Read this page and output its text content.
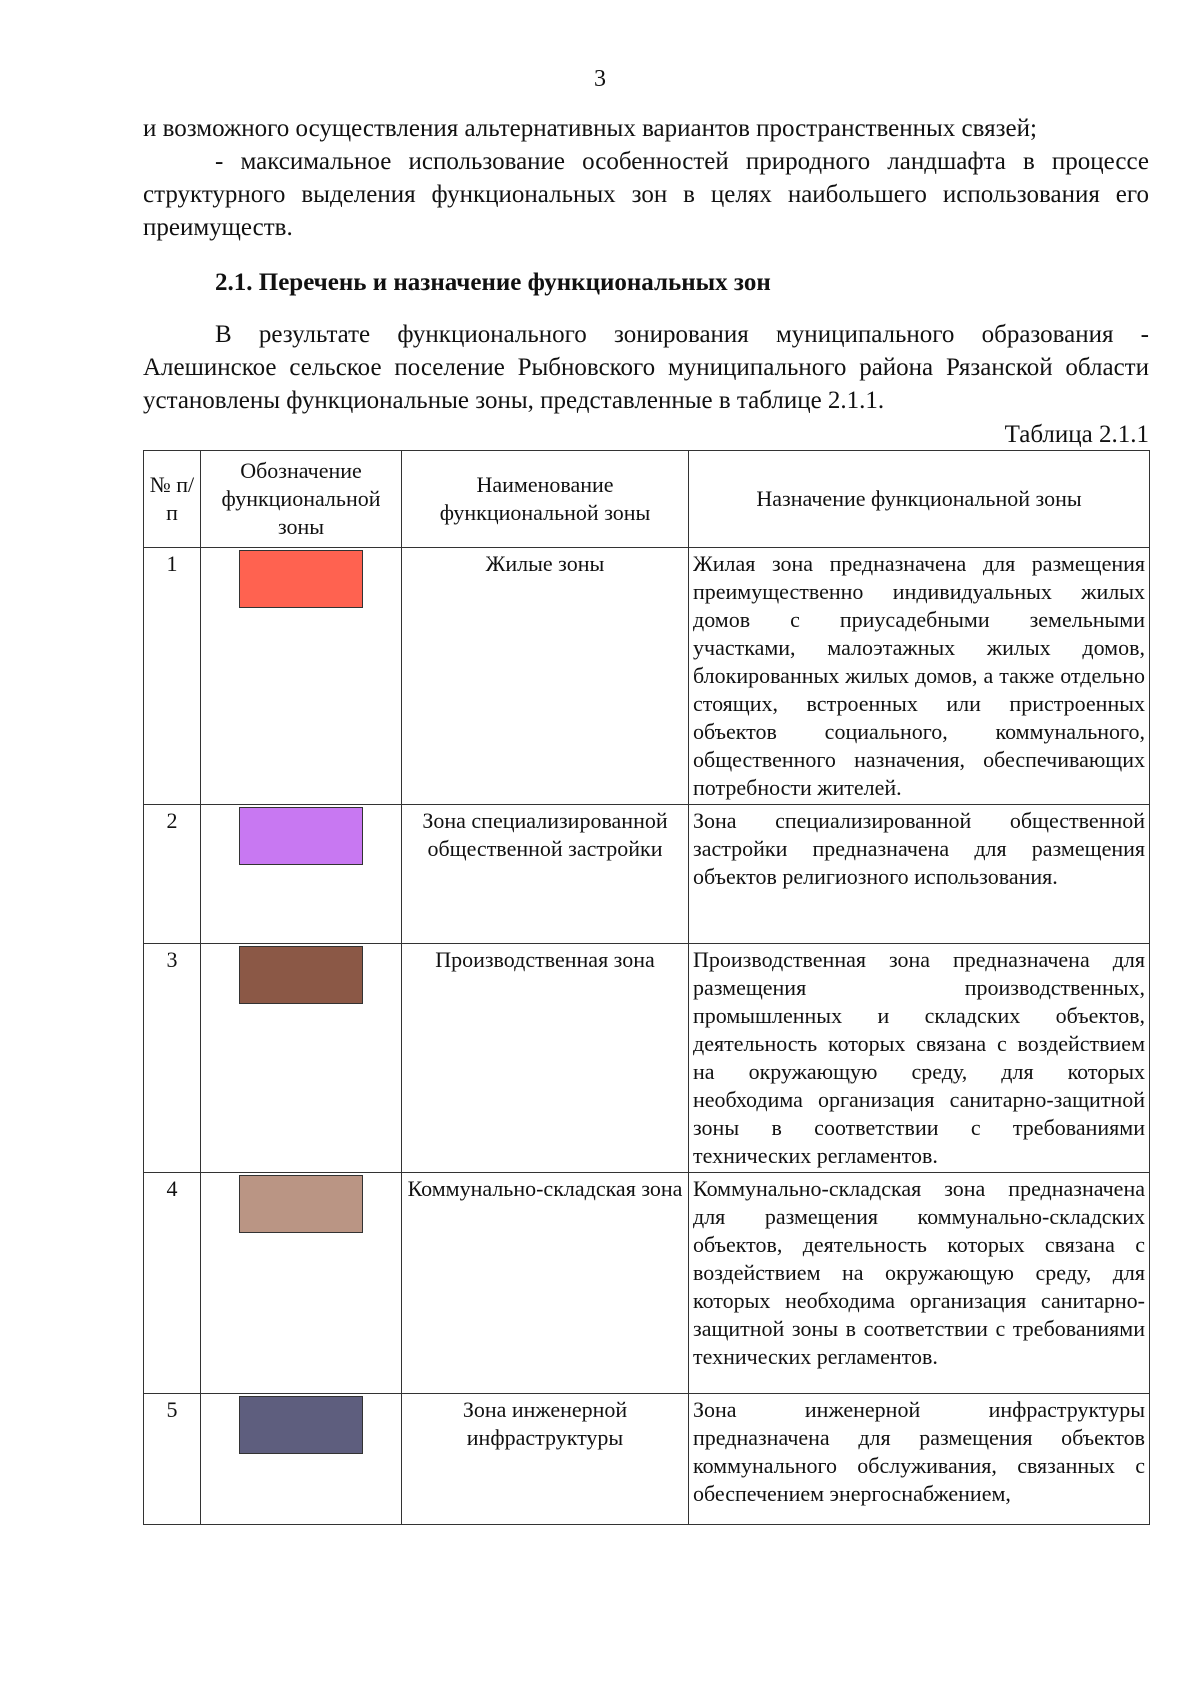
3

и возможного осуществления альтернативных вариантов пространственных связей;

- максимальное использование особенностей природного ландшафта в процессе структурного выделения функциональных зон в целях наибольшего использования его преимуществ.

2.1. Перечень и назначение функциональных зон

В результате функционального зонирования муниципального образования - Алешинское сельское поселение Рыбновского муниципального района Рязанской области установлены функциональные зоны, представленные в таблице 2.1.1.

Таблица 2.1.1
№ п/п	Обозначение функциональной зоны	Наименование функциональной зоны	Назначение функциональной зоны
1		Жилые зоны	Жилая зона предназначена для размещения преимущественно индивидуальных жилых домов с приусадебными земельными участками, малоэтажных жилых домов, блокированных жилых домов, а также отдельно стоящих, встроенных или пристроенных объектов социального, коммунального, общественного назначения, обеспечивающих потребности жителей.
2		Зона специализированной общественной застройки	Зона специализированной общественной застройки предназначена для размещения объектов религиозного использования.
3		Производственная зона	Производственная зона предназначена для размещения производственных, промышленных и складских объектов, деятельность которых связана с воздействием на окружающую среду, для которых необходима организация санитарно-защитной зоны в соответствии с требованиями технических регламентов.
4		Коммунально-складская зона	Коммунально-складская зона предназначена для размещения коммунально-складских объектов, деятельность которых связана с воздействием на окружающую среду, для которых необходима организация санитарно-защитной зоны в соответствии с требованиями технических регламентов.
5		Зона инженерной инфраструктуры	Зона инженерной инфраструктуры предназначена для размещения объектов коммунального обслуживания, связанных с обеспечением энергоснабжением,
